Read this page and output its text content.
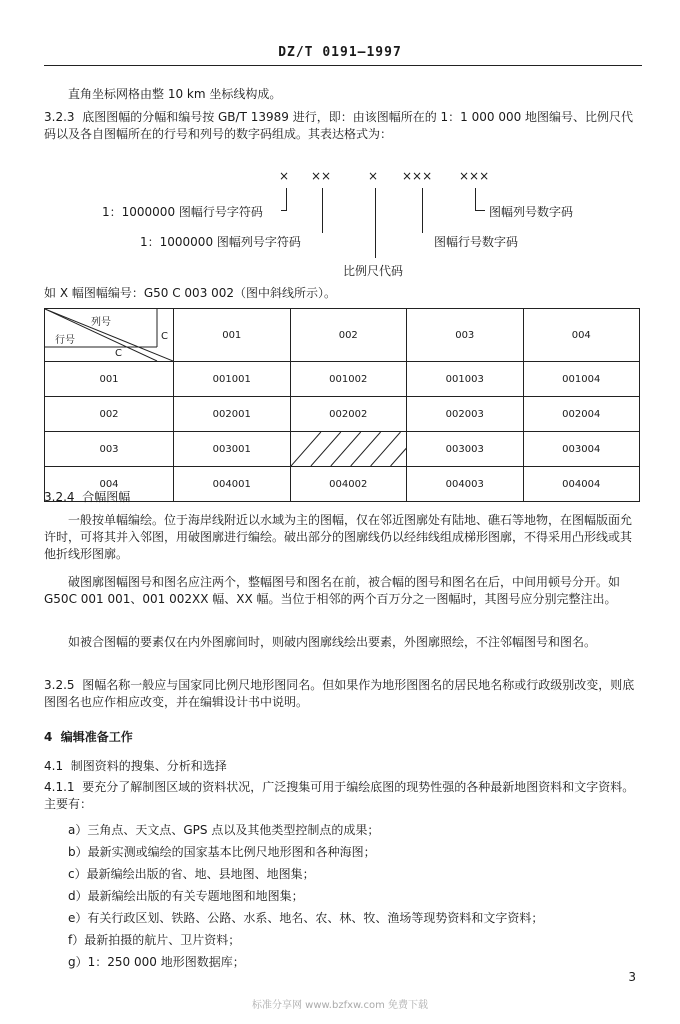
DZ/T 0191—1997
直角坐标网格由整 10 km 坐标线构成。
3.2.3 底图图幅的分幅和编号按 GB/T 13989 进行，即：由该图幅所在的 1：1 000 000 地图编号、比例尺代码以及各自图幅所在的行号和列号的数字码组成。其表达格式为：
× ××	× ××× ×××
1：1000000 图幅行号字符码
1：1000000 图幅列号字符码
比例尺代码
图幅行号数字码
图幅列号数字码
如 X 幅图幅编号：G50 C 003 002（图中斜线所示）。
列号
行号 C
C	001	002	003	004
001	001001	001002	001003	001004
002	002001	002002	002003	002004
003	003001		003003	003004
004	004001	004002	004003	004004
3.2.4 合幅图幅
一般按单幅编绘。位于海岸线附近以水域为主的图幅，仅在邻近图廓处有陆地、礁石等地物，在图幅版面允许时，可将其并入邻图，用破图廓进行编绘。破出部分的图廓线仍以经纬线组成梯形图廓，不得采用凸形线或其他折线形图廓。
破图廓图幅图号和图名应注两个，整幅图号和图名在前，被合幅的图号和图名在后，中间用顿号分开。如 G50C 001 001、001 002XX 幅、XX 幅。当位于相邻的两个百万分之一图幅时，其图号应分别完整注出。
如被合图幅的要素仅在内外图廓间时，则破内图廓线绘出要素，外图廓照绘，不注邻幅图号和图名。
3.2.5 图幅名称一般应与国家同比例尺地形图同名。但如果作为地形图图名的居民地名称或行政级别改变，则底图图名也应作相应改变，并在编辑设计书中说明。
4 编辑准备工作
4.1 制图资料的搜集、分析和选择
4.1.1 要充分了解制图区域的资料状况，广泛搜集可用于编绘底图的现势性强的各种最新地图资料和文字资料。主要有：
a）三角点、天文点、GPS 点以及其他类型控制点的成果；
b）最新实测或编绘的国家基本比例尺地形图和各种海图；
c）最新编绘出版的省、地、县地图、地图集；
d）最新编绘出版的有关专题地图和地图集；
e）有关行政区划、铁路、公路、水系、地名、农、林、牧、渔场等现势资料和文字资料；
f）最新拍摄的航片、卫片资料；
g）1：250 000 地形图数据库；
3
标准分享网 www.bzfxw.com 免费下载
